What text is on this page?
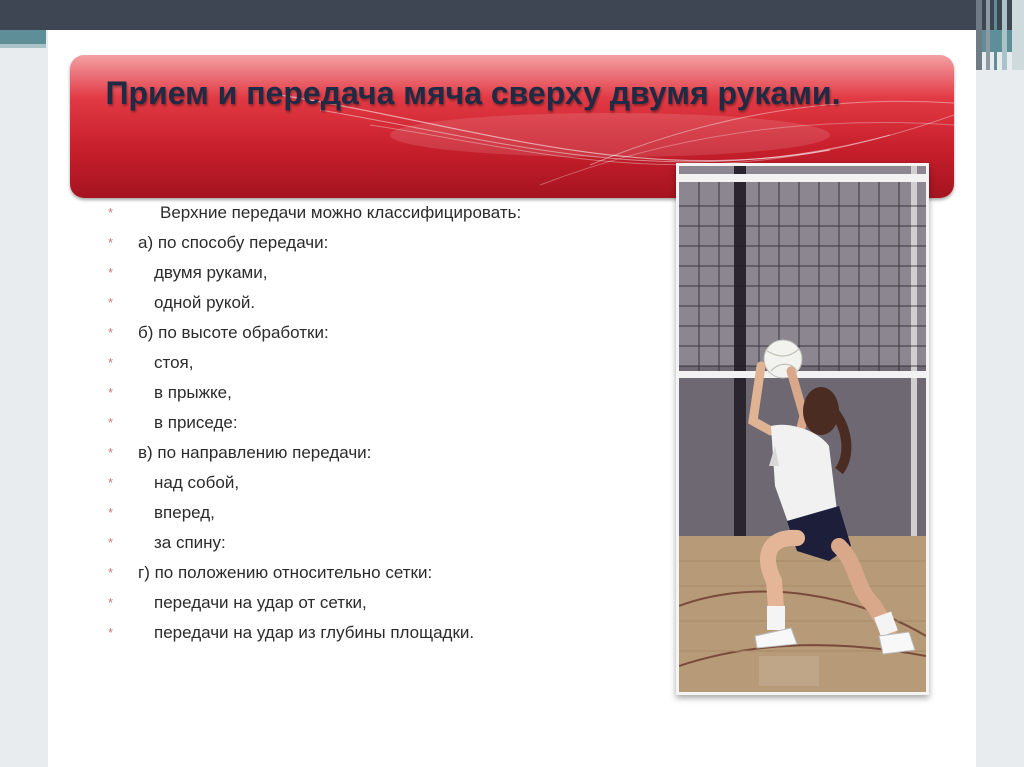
Прием и передача мяча сверху двумя руками.
*	Верхние передачи можно классифицировать:
* а) по способу передачи:
* двумя руками,
* одной рукой.
* б) по высоте обработки:
* стоя,
* в прыжке,
* в приседе:
* в) по направлению передачи:
* над собой,
* вперед,
* за спину:
* г) по положению относительно сетки:
* передачи на удар от сетки,
* передачи на удар из глубины площадки.
